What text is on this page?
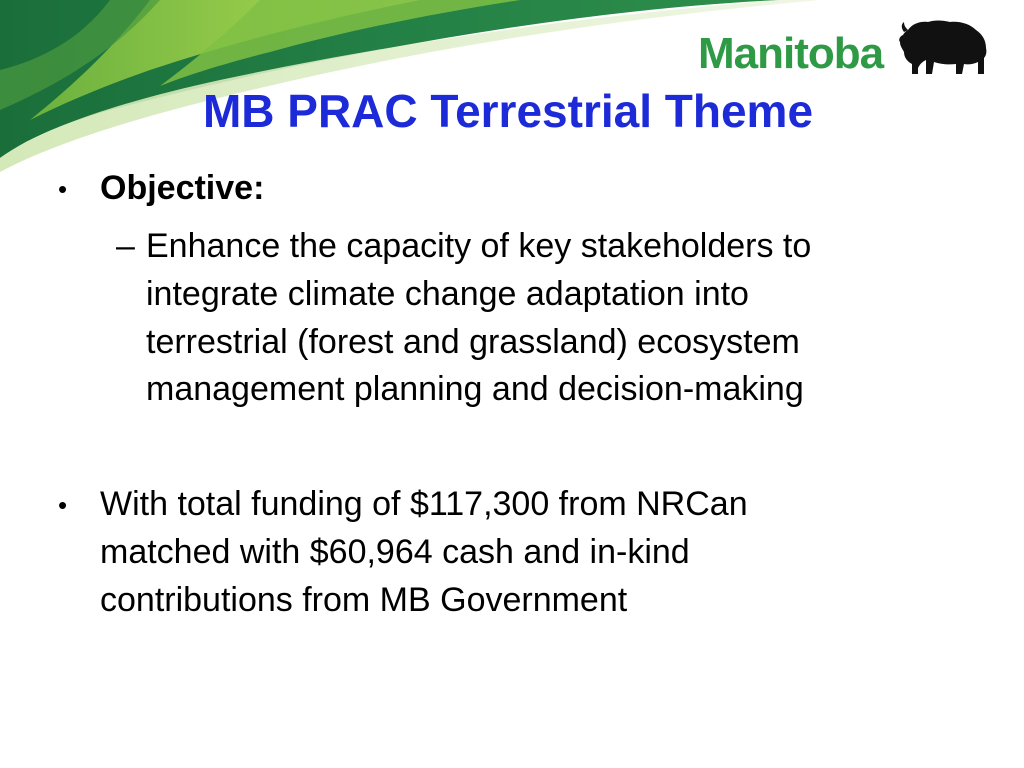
Manitoba
MB PRAC Terrestrial Theme
• Objective:
– Enhance the capacity of key stakeholders to
integrate climate change adaptation into
terrestrial (forest and grassland) ecosystem
management planning and decision-making
• With total funding of $117,300 from NRCan
matched with $60,964 cash and in-kind
contributions from MB Government
